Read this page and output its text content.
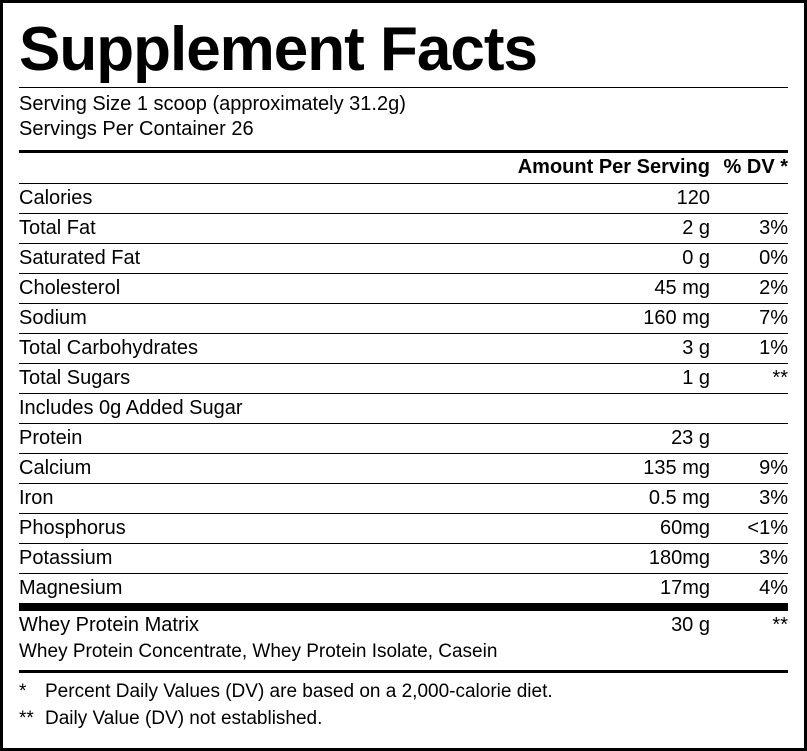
Supplement Facts
Serving Size 1 scoop (approximately 31.2g)
Servings Per Container 26
	Amount Per Serving	% DV *
Calories	120	
Total Fat	2 g	3%
Saturated Fat	0 g	0%
Cholesterol	45 mg	2%
Sodium	160 mg	7%
Total Carbohydrates	3 g	1%
Total Sugars	1 g	**
Includes 0g Added Sugar		
Protein	23 g	
Calcium	135 mg	9%
Iron	0.5 mg	3%
Phosphorus	60mg	<1%
Potassium	180mg	3%
Magnesium	17mg	4%
Whey Protein Matrix	30 g	**
Whey Protein Concentrate, Whey Protein Isolate, Casein
* Percent Daily Values (DV) are based on a 2,000-calorie diet.
** Daily Value (DV) not established.
